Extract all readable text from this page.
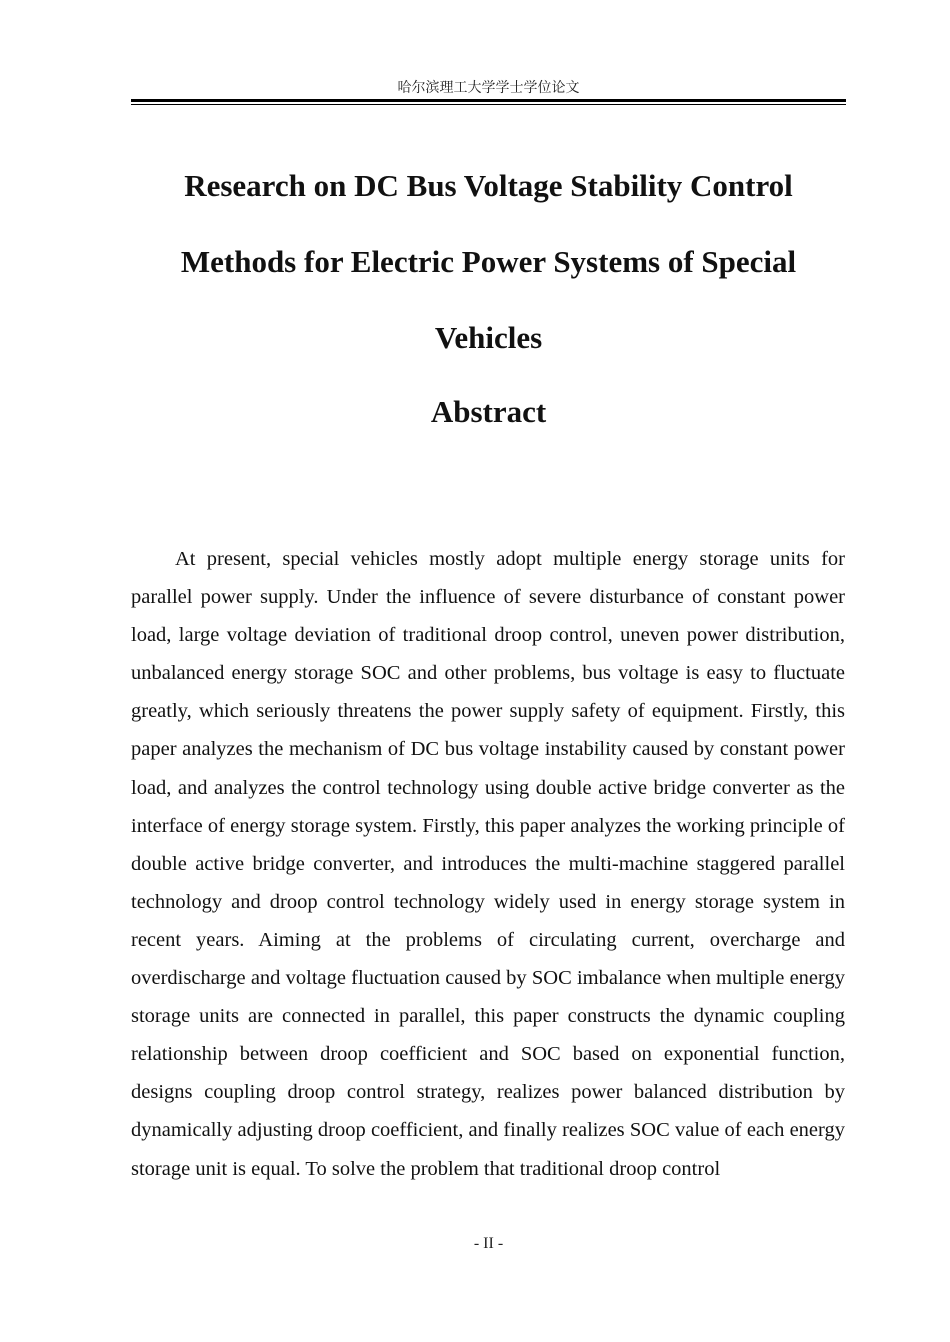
哈尔滨理工大学学士学位论文
Research on DC Bus Voltage Stability Control Methods for Electric Power Systems of Special Vehicles
Abstract

At present, special vehicles mostly adopt multiple energy storage units for parallel power supply. Under the influence of severe disturbance of constant power load, large voltage deviation of traditional droop control, uneven power distribution, unbalanced energy storage SOC and other problems, bus voltage is easy to fluctuate greatly, which seriously threatens the power supply safety of equipment. Firstly, this paper analyzes the mechanism of DC bus voltage instability caused by constant power load, and analyzes the control technology using double active bridge converter as the interface of energy storage system. Firstly, this paper analyzes the working principle of double active bridge converter, and introduces the multi-machine staggered parallel technology and droop control technology widely used in energy storage system in recent years. Aiming at the problems of circulating current, overcharge and overdischarge and voltage fluctuation caused by SOC imbalance when multiple energy storage units are connected in parallel, this paper constructs the dynamic coupling relationship between droop coefficient and SOC based on exponential function, designs coupling droop control strategy, realizes power balanced distribution by dynamically adjusting droop coefficient, and finally realizes SOC value of each energy storage unit is equal. To solve the problem that traditional droop control

- II -
